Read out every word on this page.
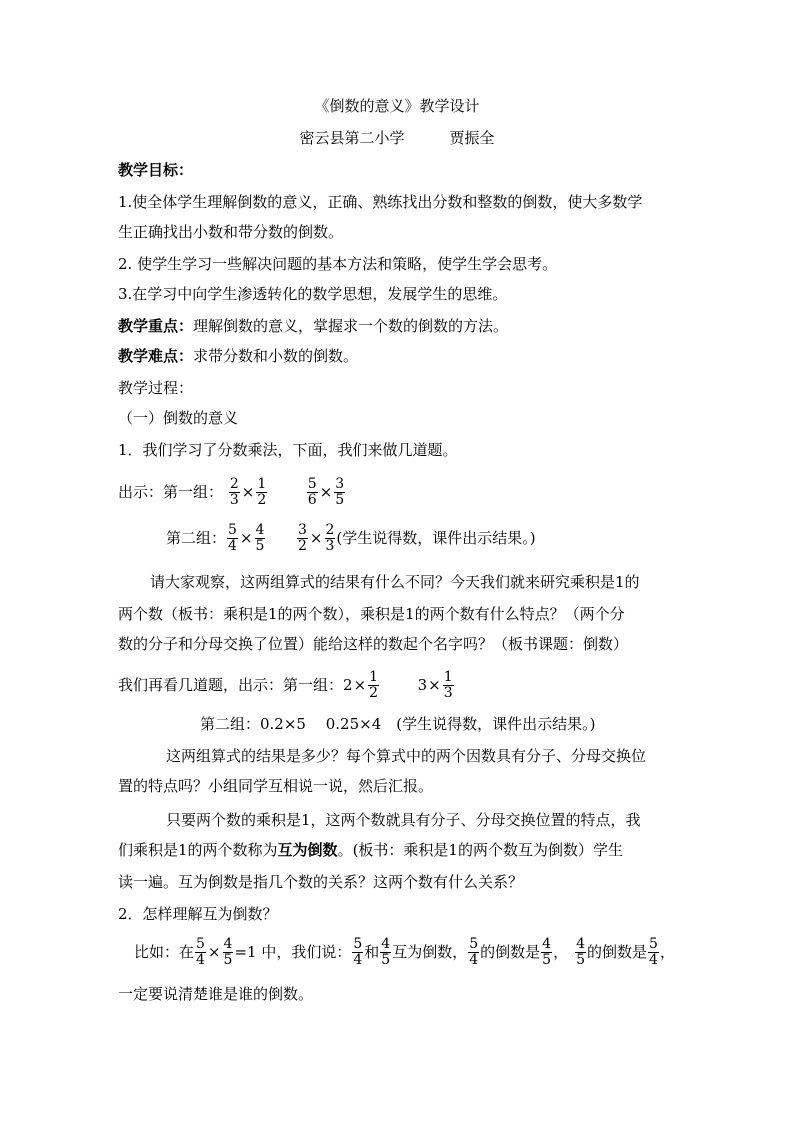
《倒数的意义》教学设计
密云县第二小学　　　贾振全
教学目标：
1.使全体学生理解倒数的意义，正确、熟练找出分数和整数的倒数，使大多数学
生正确找出小数和带分数的倒数。
2. 使学生学习一些解决问题的基本方法和策略，使学生学会思考。
3.在学习中向学生渗透转化的数学思想，发展学生的思维。
教学重点：理解倒数的意义，掌握求一个数的倒数的方法。
教学难点：求带分数和小数的倒数。
教学过程：
（一）倒数的意义
1．我们学习了分数乘法，下面，我们来做几道题。
出示：第一组： $\frac{2}{3} \times \frac{1}{2}$
	$\frac{5}{6} \times \frac{3}{5}$
第二组： $\frac{5}{4} \times \frac{4}{5}$
$\frac{3}{2} \times \frac{2}{3}$ (学生说得数，课件出示结果。)
请大家观察，这两组算式的结果有什么不同？今天我们就来研究乘积是1的
两个数（板书：乘积是1的两个数），乘积是1的两个数有什么特点？（两个分
数的分子和分母交换了位置）能给这样的数起个名字吗？（板书课题：倒数）
我们再看几道题，出示：第一组：$2\times \frac{1}{2}$	$3\times \frac{1}{3}$
第二组：0.2×5　 0.25×4　(学生说得数，课件出示结果。)
这两组算式的结果是多少？每个算式中的两个因数具有分子、分母交换位
置的特点吗？小组同学互相说一说，然后汇报。
只要两个数的乘积是1，这两个数就具有分子、分母交换位置的特点，我
们乘积是1的两个数称为互为倒数。(板书：乘积是1的两个数互为倒数）学生
读一遍。互为倒数是指几个数的关系？这两个数有什么关系？
2．怎样理解互为倒数？
比如：在 $\frac{5}{4} \times \frac{4}{5} =1$ 中，我们说： $\frac{5}{4}$ 和 $\frac{4}{5}$ 互为倒数， $\frac{5}{4}$ 的倒数是 $\frac{4}{5}$ ， $\frac{4}{5}$ 的倒数是 $\frac{5}{4}$ ，
一定要说清楚谁是谁的倒数。
